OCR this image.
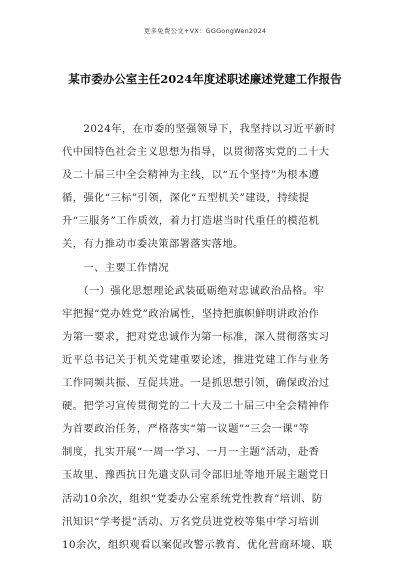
更多免费公文+VX：GGGongWen2024
某市委办公室主任2024年度述职述廉述党建工作报告
　　2024年，在市委的坚强领导下，我坚持以习近平新时
代中国特色社会主义思想为指导，以贯彻落实党的二十大
及二十届三中全会精神为主线，以“五个坚持”为根本遵
循，强化“三标”引领，深化“五型机关”建设，持续提
升“三服务”工作质效，着力打造堪当时代重任的模范机
关，有力推动市委决策部署落实落地。
　　一、主要工作情况
　　（一）强化思想理论武装砥砺绝对忠诚政治品格。牢
牢把握“党办姓党”政治属性，坚持把旗帜鲜明讲政治作
为第一要求，把对党忠诚作为第一标准，深入贯彻落实习
近平总书记关于机关党建重要论述，推进党建工作与业务
工作同频共振、互促共进。一是抓思想引领，确保政治过
硬。把学习宣传贯彻党的二十大及二十届三中全会精神作
为首要政治任务，严格落实“第一议题”“三会一课”等
制度，扎实开展“一周一学习、一月一主题”活动，赴香
玉故里、豫西抗日先遣支队司令部旧址等地开展主题党日
活动10余次，组织“党委办公室系统党性教育”培训、防
汛知识“学考提”活动、万名党员进党校等集中学习培训
10余次，组织观看以案促改警示教育、优化营商环境、联
